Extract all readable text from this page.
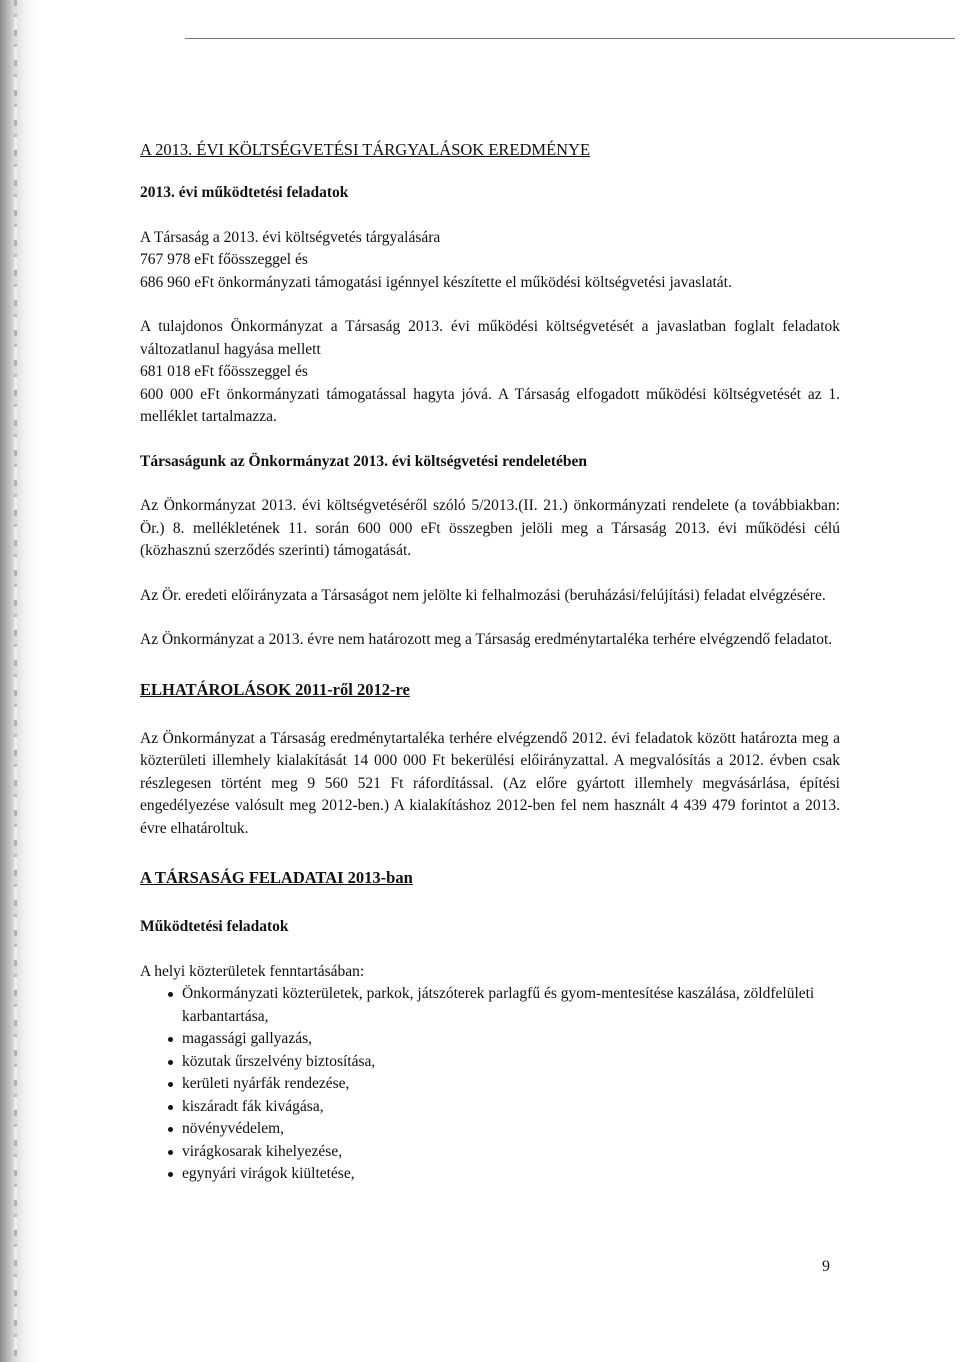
A 2013. ÉVI KÖLTSÉGVETÉSI TÁRGYALÁSOK EREDMÉNYE

2013. évi működtetési feladatok

A Társaság a 2013. évi költségvetés tárgyalására

767 978 eFt főösszeggel és

686 960 eFt önkormányzati támogatási igénnyel készítette el működési költségvetési javaslatát.

A tulajdonos Önkormányzat a Társaság 2013. évi működési költségvetését a javaslatban foglalt feladatok változatlanul hagyása mellett

681 018 eFt főösszeggel és

600 000 eFt önkormányzati támogatással hagyta jóvá. A Társaság elfogadott működési költségvetését az 1. melléklet tartalmazza.

Társaságunk az Önkormányzat 2013. évi költségvetési rendeletében

Az Önkormányzat 2013. évi költségvetéséről szóló 5/2013.(II. 21.) önkormányzati rendelete (a továbbiakban: Ör.) 8. mellékletének 11. során 600 000 eFt összegben jelöli meg a Társaság 2013. évi működési célú (közhasznú szerződés szerinti) támogatását.

Az Ör. eredeti előirányzata a Társaságot nem jelölte ki felhalmozási (beruházási/felújítási) feladat elvégzésére.

Az Önkormányzat a 2013. évre nem határozott meg a Társaság eredménytartaléka terhére elvégzendő feladatot.

ELHATÁROLÁSOK 2011-ről 2012-re

Az Önkormányzat a Társaság eredménytartaléka terhére elvégzendő 2012. évi feladatok között határozta meg a közterületi illemhely kialakítását 14 000 000 Ft bekerülési előirányzattal. A megvalósítás a 2012. évben csak részlegesen történt meg 9 560 521 Ft ráfordítással. (Az előre gyártott illemhely megvásárlása, építési engedélyezése valósult meg 2012-ben.) A kialakításhoz 2012-ben fel nem használt 4 439 479 forintot a 2013. évre elhatároltuk.

A TÁRSASÁG FELADATAI 2013-ban

Működtetési feladatok

A helyi közterületek fenntartásában:

Önkormányzati közterületek, parkok, játszóterek parlagfű és gyom-mentesítése kaszálása, zöldfelületi karbantartása,
magassági gallyazás,
közutak űrszelvény biztosítása,
kerületi nyárfák rendezése,
kiszáradt fák kivágása,
növényvédelem,
virágkosarak kihelyezése,
egynyári virágok kiültetése,
9
